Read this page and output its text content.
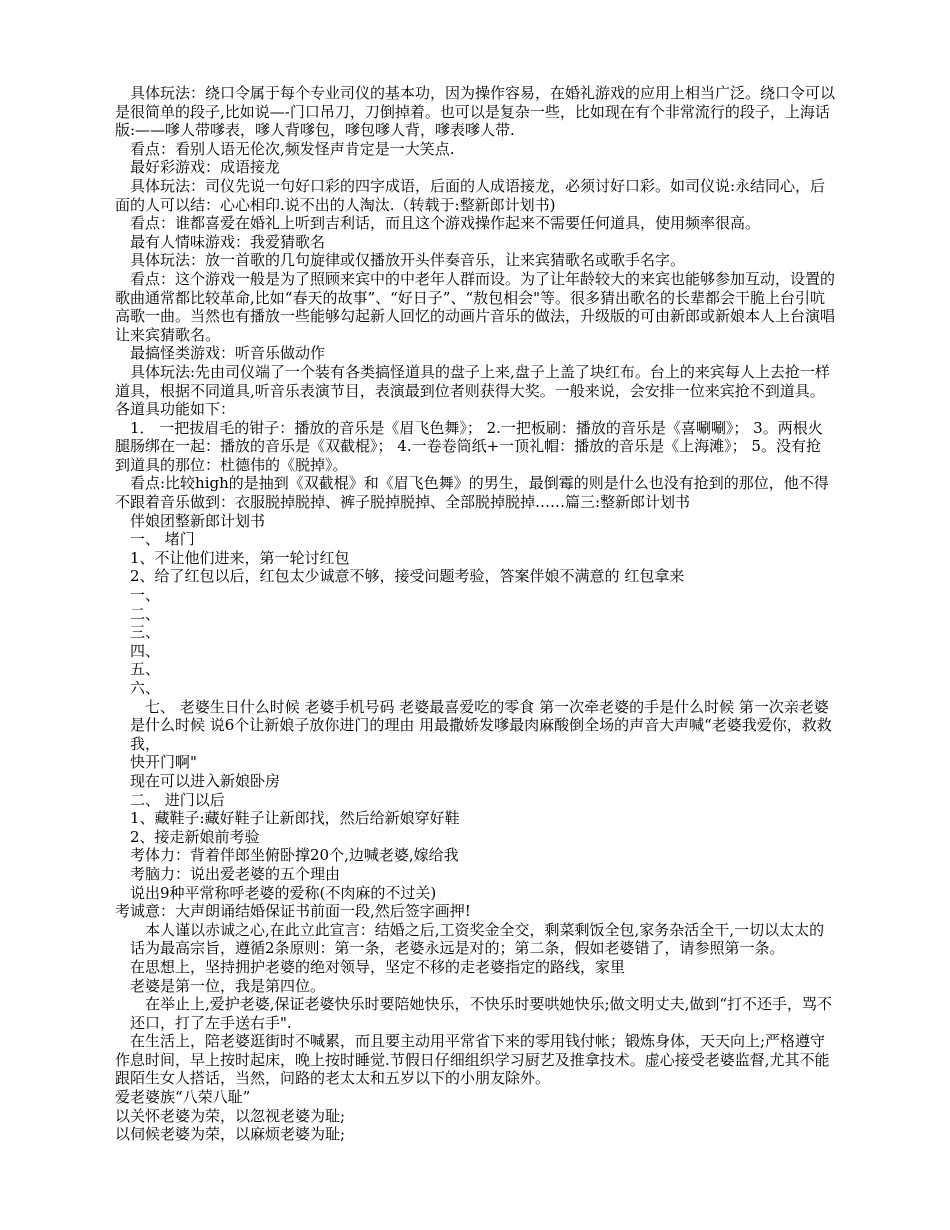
具体玩法：绕口令属于每个专业司仪的基本功，因为操作容易，在婚礼游戏的应用上相当广泛。绕口令可以是很简单的段子,比如说—-门口吊刀，刀倒掉着。也可以是复杂一些，比如现在有个非常流行的段子，上海话版:——嗲人带嗲表，嗲人背嗲包，嗲包嗲人背，嗲表嗲人带.

看点：看别人语无伦次,频发怪声肯定是一大笑点.

最好彩游戏：成语接龙

具体玩法：司仪先说一句好口彩的四字成语，后面的人成语接龙，必须讨好口彩。如司仪说:永结同心，后面的人可以结：心心相印.说不出的人淘汰.（转载于:整新郎计划书)

看点：谁都喜爱在婚礼上听到吉利话，而且这个游戏操作起来不需要任何道具，使用频率很高。

最有人情味游戏：我爱猜歌名

具体玩法：放一首歌的几句旋律或仅播放开头伴奏音乐，让来宾猜歌名或歌手名字。

看点：这个游戏一般是为了照顾来宾中的中老年人群而设。为了让年龄较大的来宾也能够参加互动，设置的歌曲通常都比较革命,比如“春天的故事”、“好日子”、“敖包相会"等。很多猜出歌名的长辈都会干脆上台引吭高歌一曲。当然也有播放一些能够勾起新人回忆的动画片音乐的做法，升级版的可由新郎或新娘本人上台演唱让来宾猜歌名。

最搞怪类游戏：听音乐做动作

具体玩法:先由司仪端了一个装有各类搞怪道具的盘子上来,盘子上盖了块红布。台上的来宾每人上去抢一样道具，根据不同道具,听音乐表演节目，表演最到位者则获得大奖。一般来说，会安排一位来宾抢不到道具。 各道具功能如下：

1． 一把拔眉毛的钳子：播放的音乐是《眉飞色舞》； 2.一把板刷：播放的音乐是《喜唰唰》； 3。两根火腿肠绑在一起：播放的音乐是《双截棍》； 4.一卷卷筒纸+一顶礼帽：播放的音乐是《上海滩》； 5。没有抢到道具的那位：杜德伟的《脱掉》。

看点:比较high的是抽到《双截棍》和《眉飞色舞》的男生，最倒霉的则是什么也没有抢到的那位，他不得不跟着音乐做到：衣服脱掉脱掉、裤子脱掉脱掉、全部脱掉脱掉……篇三:整新郎计划书

伴娘团整新郎计划书

一、 堵门

1、不让他们进来，第一轮讨红包

2、给了红包以后，红包太少诚意不够，接受问题考验，答案伴娘不满意的 红包拿来

一、

二、

三、

四、

五、

六、

七、 老婆生日什么时候 老婆手机号码 老婆最喜爱吃的零食 第一次牵老婆的手是什么时候 第一次亲老婆是什么时候 说6个让新娘子放你进门的理由 用最撒娇发嗲最肉麻酸倒全场的声音大声喊“老婆我爱你，救救我，

快开门啊"

现在可以进入新娘卧房

二、 进门以后

1、藏鞋子:藏好鞋子让新郎找，然后给新娘穿好鞋

2、接走新娘前考验

考体力：背着伴郎坐俯卧撑20个,边喊老婆,嫁给我

考脑力：说出爱老婆的五个理由

说出9种平常称呼老婆的爱称(不肉麻的不过关)

考诚意：大声朗诵结婚保证书前面一段,然后签字画押!

本人谨以赤诚之心,在此立此宣言：结婚之后,工资奖金全交，剩菜剩饭全包,家务杂活全干,一切以太太的话为最高宗旨，遵循2条原则：第一条，老婆永远是对的；第二条，假如老婆错了，请参照第一条。

在思想上，坚持拥护老婆的绝对领导，坚定不移的走老婆指定的路线，家里

老婆是第一位，我是第四位。

在举止上,爱护老婆,保证老婆快乐时要陪她快乐，不快乐时要哄她快乐;做文明丈夫,做到“打不还手，骂不还口，打了左手送右手".

在生活上，陪老婆逛街时不喊累，而且要主动用平常省下来的零用钱付帐；锻炼身体，天天向上;严格遵守作息时间，早上按时起床，晚上按时睡觉.节假日仔细组织学习厨艺及推拿技术。虚心接受老婆监督,尤其不能跟陌生女人搭话，当然，问路的老太太和五岁以下的小朋友除外。

爱老婆族“八荣八耻”

以关怀老婆为荣，以忽视老婆为耻;

以伺候老婆为荣，以麻烦老婆为耻;
